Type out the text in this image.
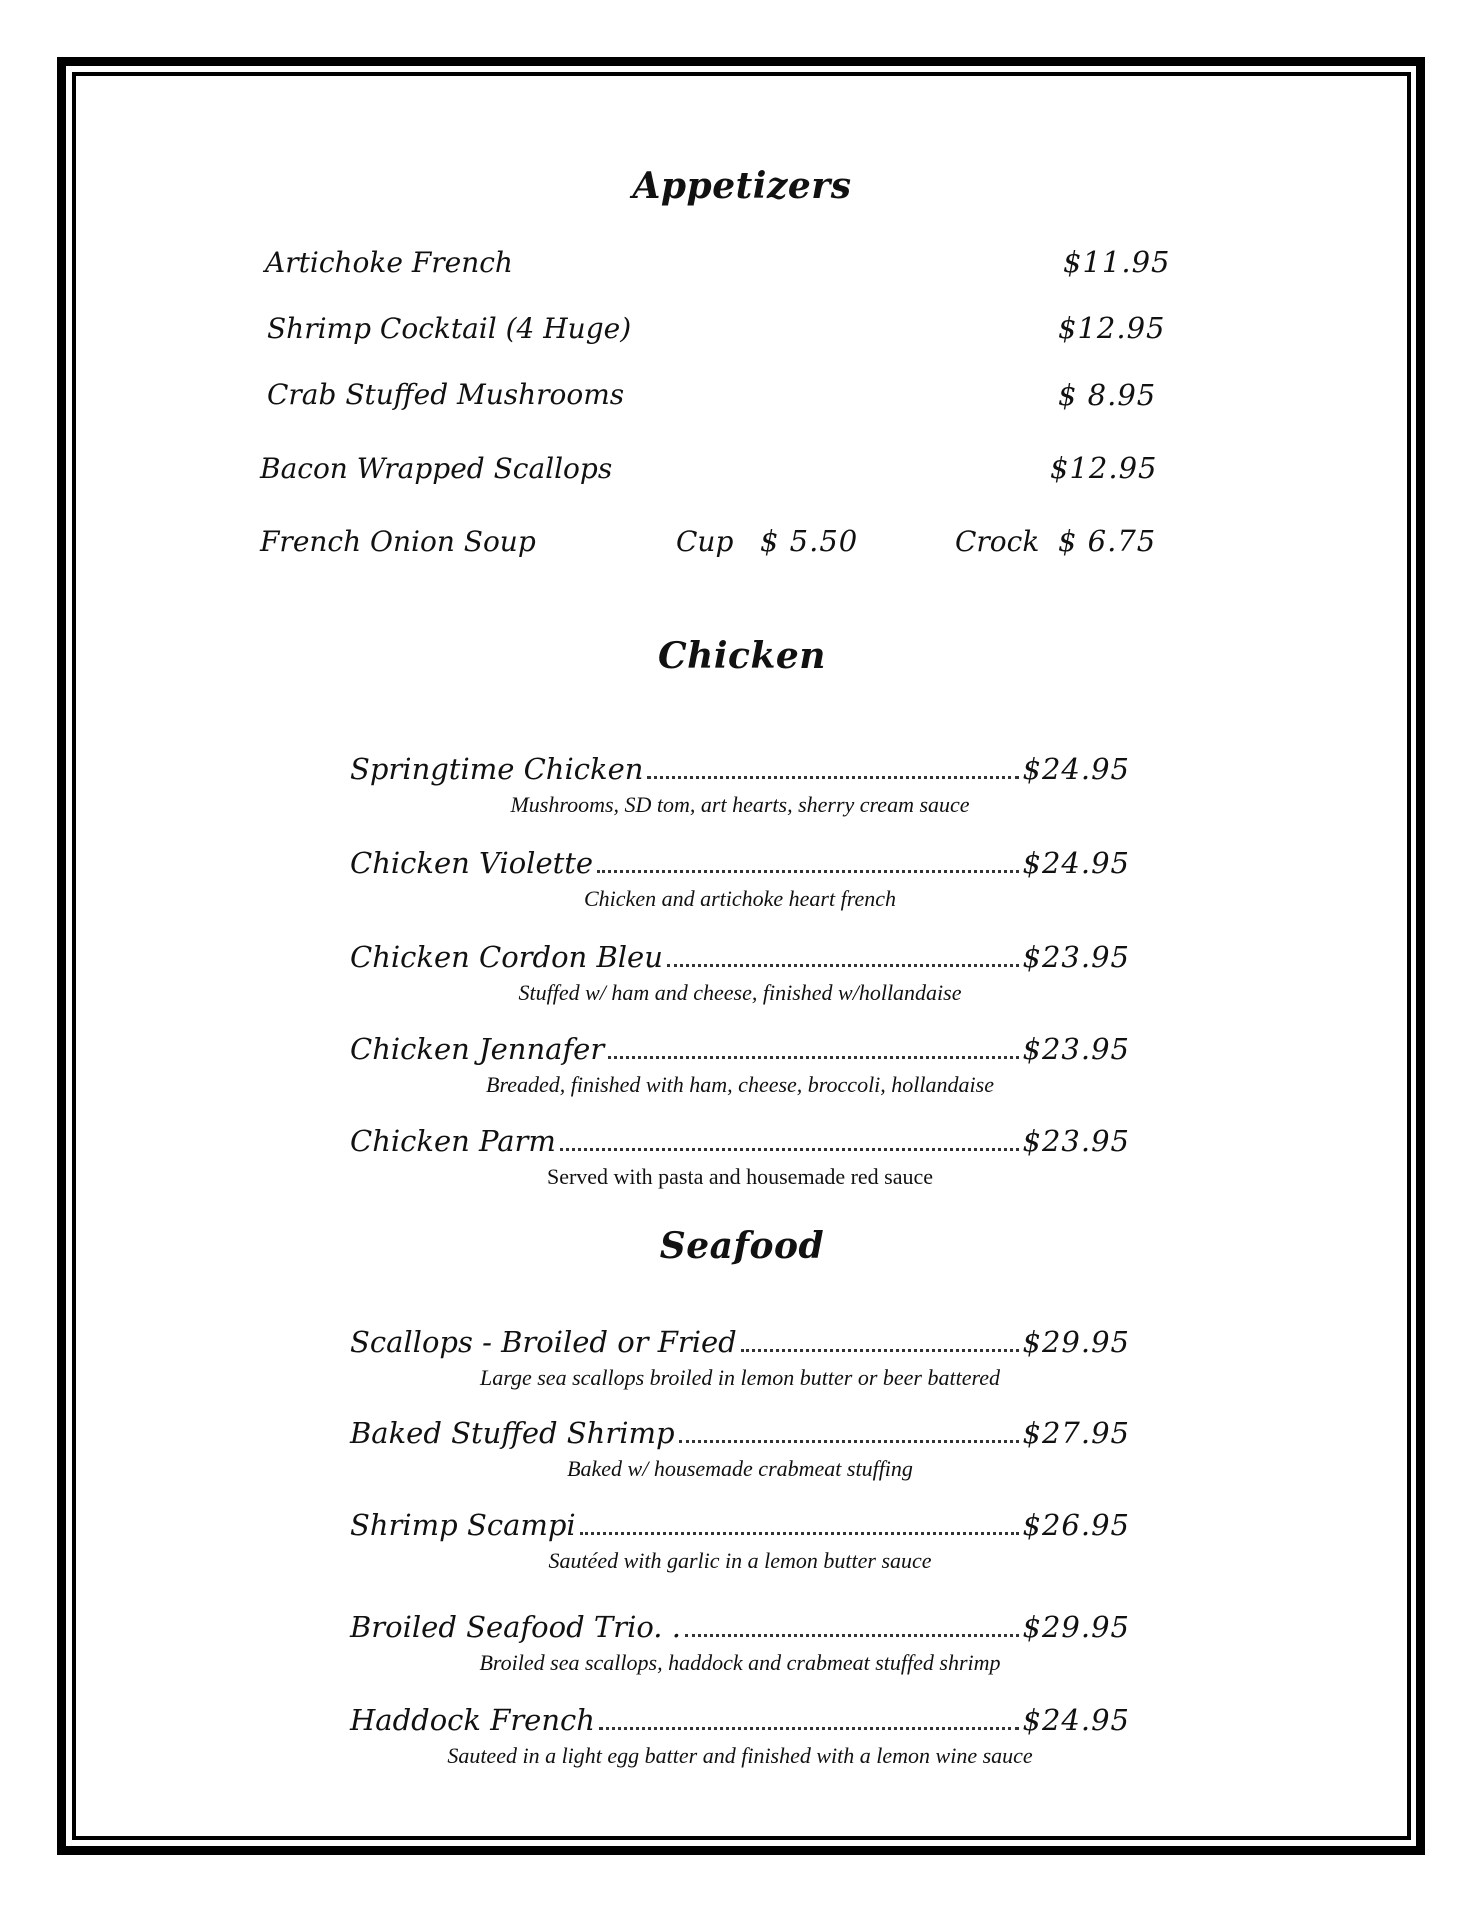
Appetizers
Artichoke French	$11.95
Shrimp Cocktail (4 Huge)	$12.95
Crab Stuffed Mushrooms	$ 8.95
Bacon Wrapped Scallops	$12.95
French Onion Soup	Cup $ 5.50	Crock $ 6.75
Chicken
Springtime Chicken	$24.95
Mushrooms, SD tom, art hearts, sherry cream sauce
Chicken Violette	$24.95
Chicken and artichoke heart french
Chicken Cordon Bleu	$23.95
Stuffed w/ ham and cheese, finished w/hollandaise
Chicken Jennafer	$23.95
Breaded, finished with ham, cheese, broccoli, hollandaise
Chicken Parm	$23.95
Served with pasta and housemade red sauce
Seafood
Scallops - Broiled or Fried	$29.95
Large sea scallops broiled in lemon butter or beer battered
Baked Stuffed Shrimp	$27.95
Baked w/ housemade crabmeat stuffing
Shrimp Scampi	$26.95
Sautéed with garlic in a lemon butter sauce
Broiled Seafood Trio. .	$29.95
Broiled sea scallops, haddock and crabmeat stuffed shrimp
Haddock French	$24.95
Sauteed in a light egg batter and finished with a lemon wine sauce
